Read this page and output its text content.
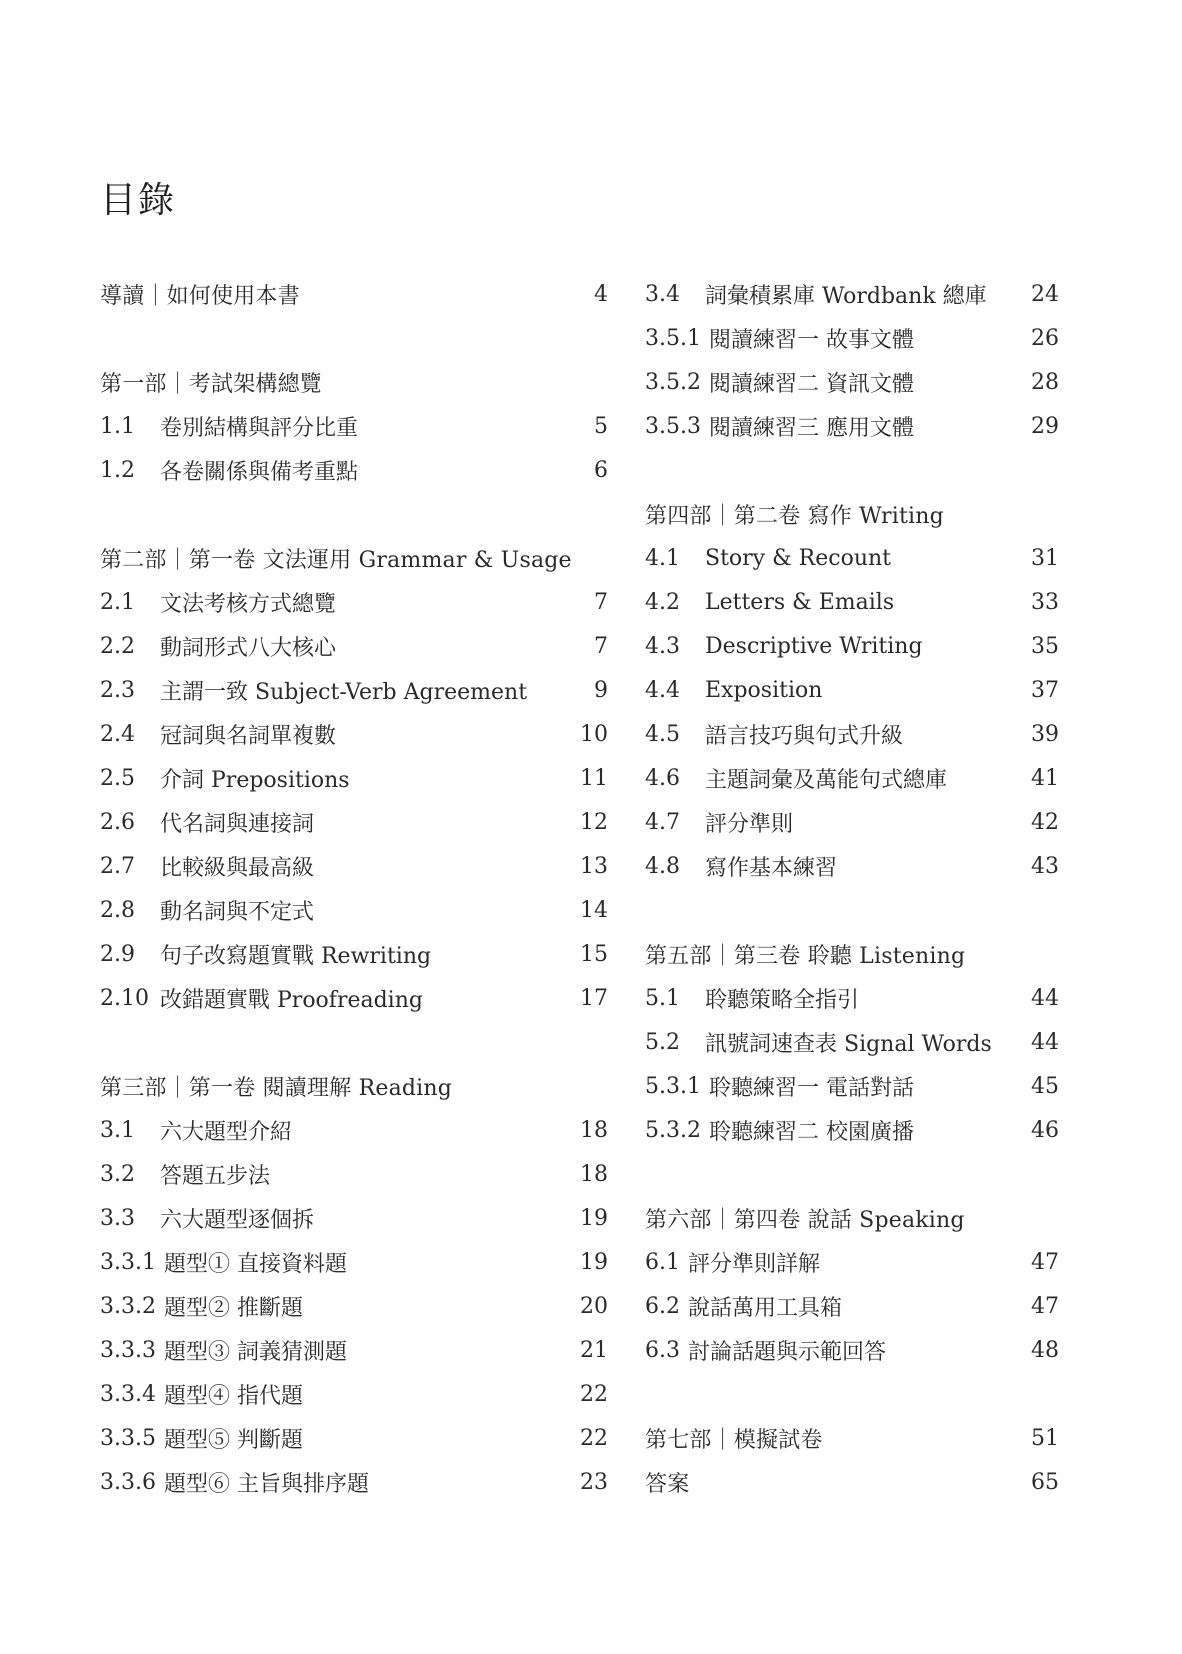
目錄
導讀｜如何使用本書	4
第一部｜考試架構總覽
1.1	卷別結構與評分比重	5
1.2	各卷關係與備考重點	6
第二部｜第一卷 文法運用 Grammar & Usage
2.1	文法考核方式總覽	7
2.2	動詞形式八大核心	7
2.3	主謂一致 Subject-Verb Agreement	9
2.4	冠詞與名詞單複數	10
2.5	介詞 Prepositions	11
2.6	代名詞與連接詞	12
2.7	比較級與最高級	13
2.8	動名詞與不定式	14
2.9	句子改寫題實戰 Rewriting	15
2.10 改錯題實戰 Proofreading	17
第三部｜第一卷 閱讀理解 Reading
3.1	六大題型介紹	18
3.2	答題五步法	18
3.3	六大題型逐個拆	19
3.3.1 題型① 直接資料題	19
3.3.2 題型② 推斷題	20
3.3.3 題型③ 詞義猜測題	21
3.3.4 題型④ 指代題	22
3.3.5 題型⑤ 判斷題	22
3.3.6 題型⑥ 主旨與排序題	23
3.4	詞彙積累庫 Wordbank 總庫	24
3.5.1 閱讀練習一 故事文體	26
3.5.2 閱讀練習二 資訊文體	28
3.5.3 閱讀練習三 應用文體	29
第四部｜第二卷 寫作 Writing
4.1	Story & Recount	31
4.2	Letters & Emails	33
4.3	Descriptive Writing	35
4.4	Exposition	37
4.5	語言技巧與句式升級	39
4.6	主題詞彙及萬能句式總庫	41
4.7	評分準則	42
4.8	寫作基本練習	43
第五部｜第三卷 聆聽 Listening
5.1	聆聽策略全指引	44
5.2	訊號詞速查表 Signal Words	44
5.3.1 聆聽練習一 電話對話	45
5.3.2 聆聽練習二 校園廣播	46
第六部｜第四卷 說話 Speaking
6.1 評分準則詳解	47
6.2 說話萬用工具箱	47
6.3 討論話題與示範回答	48
第七部｜模擬試卷	51
答案	65
